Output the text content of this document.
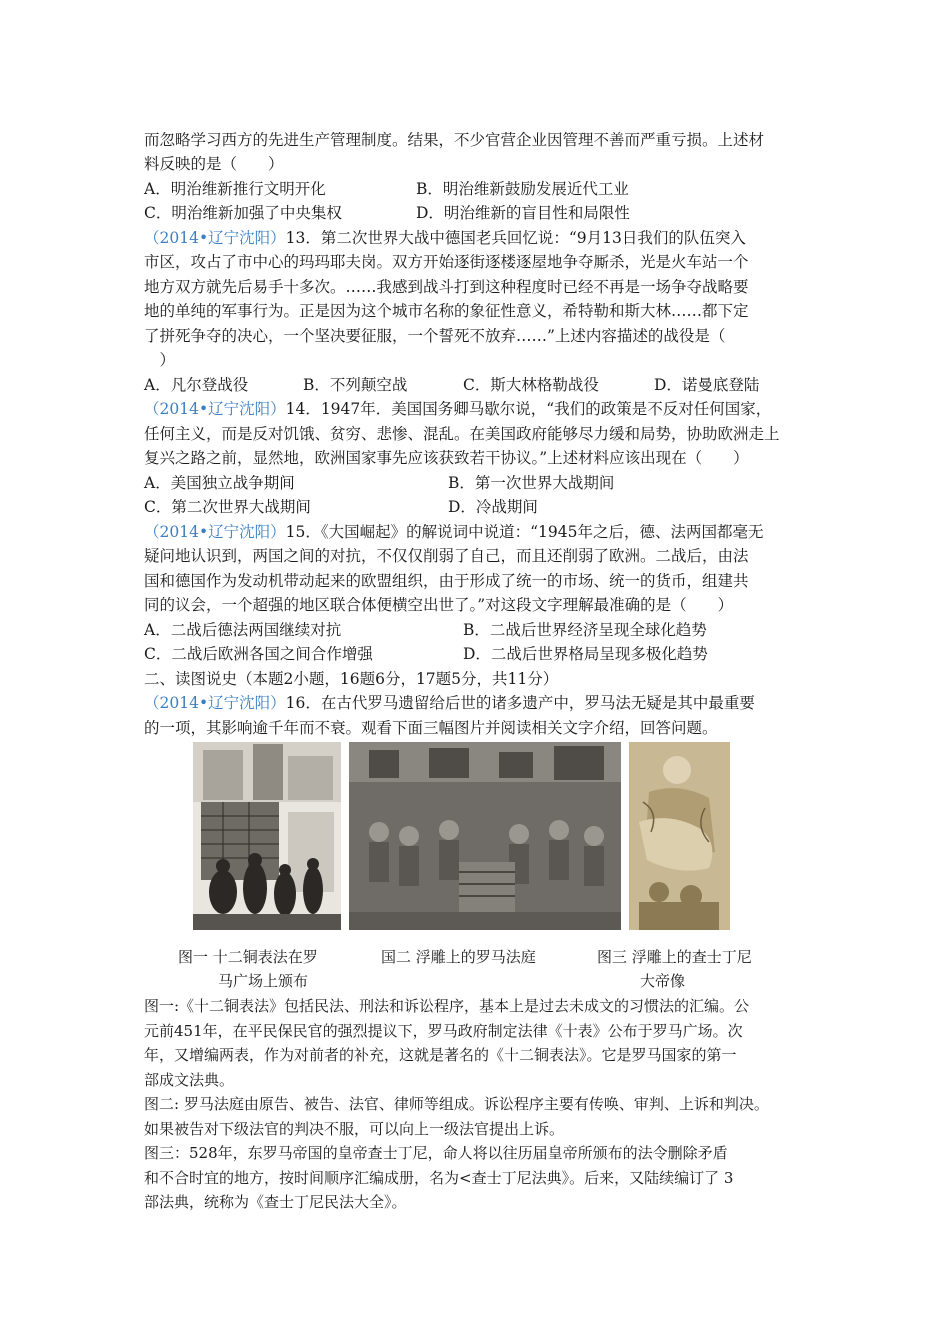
而忽略学习西方的先进生产管理制度。结果，不少官营企业因管理不善而严重亏损。上述材
料反映的是（　　）
A．明治维新推行文明开化	B．明治维新鼓励发展近代工业
C．明治维新加强了中央集权	D．明治维新的盲目性和局限性
（2014•辽宁沈阳）13．第二次世界大战中德国老兵回忆说：“9月13日我们的队伍突入
市区，攻占了市中心的玛玛耶夫岗。双方开始逐街逐楼逐屋地争夺厮杀，光是火车站一个
地方双方就先后易手十多次。……我感到战斗打到这种程度时已经不再是一场争夺战略要
地的单纯的军事行为。正是因为这个城市名称的象征性意义，希特勒和斯大林……都下定
了拼死争夺的决心，一个坚决要征服，一个誓死不放弃……”上述内容描述的战役是（
　）
A．凡尔登战役	B．不列颠空战	C．斯大林格勒战役	D．诺曼底登陆
（2014•辽宁沈阳）14．1947年．美国国务卿马歇尔说，“我们的政策是不反对任何国家，
任何主义，而是反对饥饿、贫穷、悲惨、混乱。在美国政府能够尽力缓和局势，协助欧洲走上
复兴之路之前，显然地，欧洲国家事先应该获致若干协议。”上述材料应该出现在（　　）
A．美国独立战争期间	B．第一次世界大战期间
C．第二次世界大战期间	D．冷战期间
（2014•辽宁沈阳）15．《大国崛起》的解说词中说道：“1945年之后，德、法两国都毫无
疑问地认识到，两国之间的对抗，不仅仅削弱了自己，而且还削弱了欧洲。二战后，由法
国和德国作为发动机带动起来的欧盟组织，由于形成了统一的市场、统一的货币，组建共
同的议会，一个超强的地区联合体便横空出世了。”对这段文字理解最准确的是（　　）
A．二战后德法两国继续对抗	B．二战后世界经济呈现全球化趋势
C．二战后欧洲各国之间合作增强	D．二战后世界格局呈现多极化趋势
二、读图说史（本题2小题，16题6分，17题5分，共11分）
（2014•辽宁沈阳）16．在古代罗马遗留给后世的诸多遗产中，罗马法无疑是其中最重要
的一项，其影响逾千年而不衰。观看下面三幅图片并阅读相关文字介绍，回答问题。
图一 十二铜表法在罗
马广场上颁布
国二 浮雕上的罗马法庭	图三 浮雕上的查士丁尼
大帝像
图一:《十二铜表法》包括民法、刑法和诉讼程序，基本上是过去未成文的习惯法的汇编。公
元前451年，在平民保民官的强烈提议下，罗马政府制定法律《十表》公布于罗马广场。次
年，又增编两表，作为对前者的补充，这就是著名的《十二铜表法》。它是罗马国家的第一
部成文法典。
图二: 罗马法庭由原告、被告、法官、律师等组成。诉讼程序主要有传唤、审判、上诉和判决。
如果被告对下级法官的判决不服，可以向上一级法官提出上诉。
图三：528年，东罗马帝国的皇帝查士丁尼，命人将以往历届皇帝所颁布的法令删除矛盾
和不合时宜的地方，按时间顺序汇编成册，名为<查士丁尼法典》。后来，又陆续编订了 3
部法典，统称为《查士丁尼民法大全》。
